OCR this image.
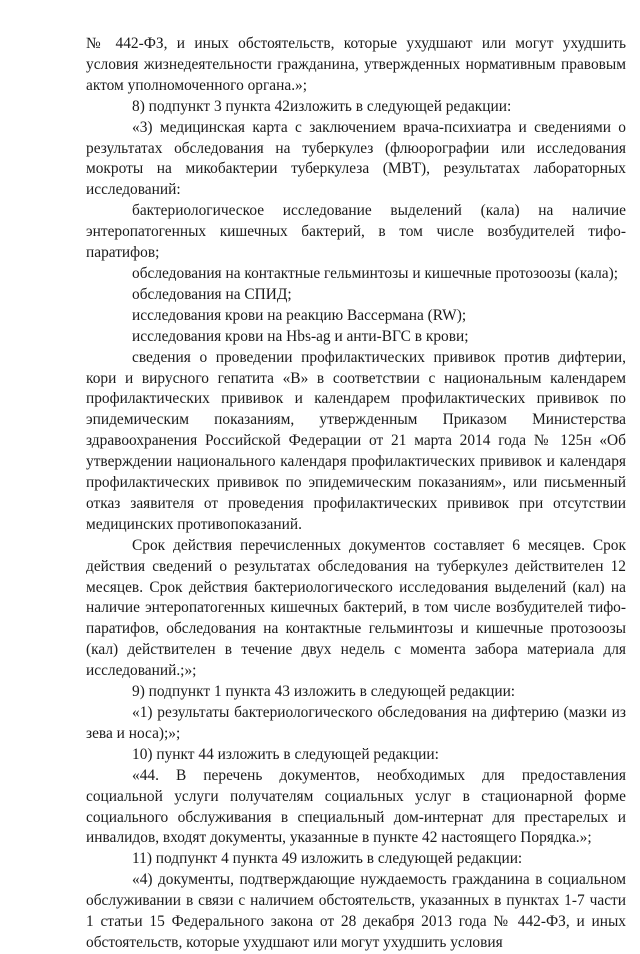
№ 442-ФЗ, и иных обстоятельств, которые ухудшают или могут ухудшить условия жизнедеятельности гражданина, утвержденных нормативным правовым актом уполномоченного органа.»;

8) подпункт 3 пункта 42изложить в следующей редакции:

«3) медицинская карта с заключением врача-психиатра и сведениями о результатах обследования на туберкулез (флюорографии или исследования мокроты на микобактерии туберкулеза (МВТ), результатах лабораторных исследований:

бактериологическое исследование выделений (кала) на наличие энтеропатогенных кишечных бактерий, в том числе возбудителей тифо-паратифов;

обследования на контактные гельминтозы и кишечные протозоозы (кала);

обследования на СПИД;

исследования крови на реакцию Вассермана (RW);

исследования крови на Hbs-ag и анти-ВГС в крови;

сведения о проведении профилактических прививок против дифтерии, кори и вирусного гепатита «В» в соответствии с национальным календарем профилактических прививок и календарем профилактических прививок по эпидемическим показаниям, утвержденным Приказом Министерства здравоохранения Российской Федерации от 21 марта 2014 года № 125н «Об утверждении национального календаря профилактических прививок и календаря профилактических прививок по эпидемическим показаниям», или письменный отказ заявителя от проведения профилактических прививок при отсутствии медицинских противопоказаний.

Срок действия перечисленных документов составляет 6 месяцев. Срок действия сведений о результатах обследования на туберкулез действителен 12 месяцев. Срок действия бактериологического исследования выделений (кал) на наличие энтеропатогенных кишечных бактерий, в том числе возбудителей тифо-паратифов, обследования на контактные гельминтозы и кишечные протозоозы (кал) действителен в течение двух недель с момента забора материала для исследований.;»;

9) подпункт 1 пункта 43 изложить в следующей редакции:

«1) результаты бактериологического обследования на дифтерию (мазки из зева и носа);»;

10) пункт 44 изложить в следующей редакции:

«44. В перечень документов, необходимых для предоставления социальной услуги получателям социальных услуг в стационарной форме социального обслуживания в специальный дом-интернат для престарелых и инвалидов, входят документы, указанные в пункте 42 настоящего Порядка.»;

11) подпункт 4 пункта 49 изложить в следующей редакции:

«4) документы, подтверждающие нуждаемость гражданина в социальном обслуживании в связи с наличием обстоятельств, указанных в пунктах 1-7 части 1 статьи 15 Федерального закона от 28 декабря 2013 года № 442-ФЗ, и иных обстоятельств, которые ухудшают или могут ухудшить условия
